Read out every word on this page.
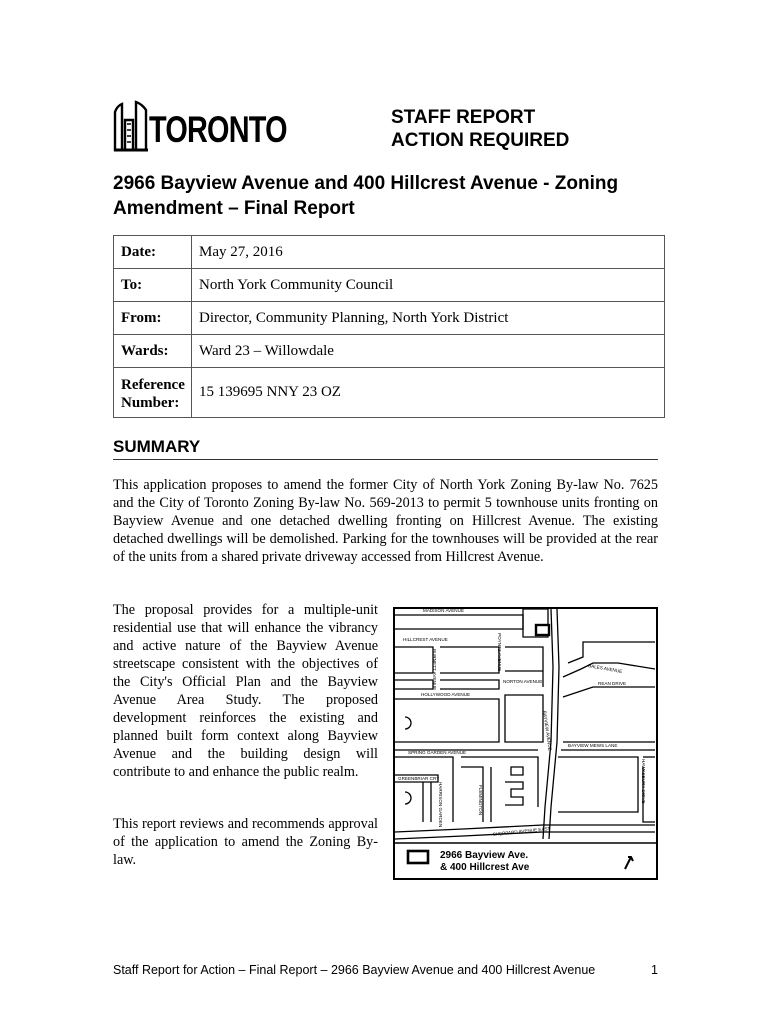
TORONTO	STAFF REPORT
ACTION REQUIRED
2966 Bayview Avenue and 400 Hillcrest Avenue - Zoning Amendment – Final Report
Date:	May 27, 2016
To:	North York Community Council
From:	Director, Community Planning, North York District
Wards:	Ward 23 – Willowdale

Reference
Number:	15 139695 NNY 23 OZ
SUMMARY
This application proposes to amend the former City of North York Zoning By-law No. 7625 and the City of Toronto Zoning By-law No. 569-2013 to permit 5 townhouse units fronting on Bayview Avenue and one detached dwelling fronting on Hillcrest Avenue. The existing detached dwellings will be demolished. Parking for the townhouses will be provided at the rear of the units from a shared private driveway accessed from Hillcrest Avenue.
The proposal provides for a multiple-unit residential use that will enhance the vibrancy and active nature of the Bayview Avenue streetscape consistent with the objectives of the City's Official Plan and the Bayview Avenue Area Study. The proposed development reinforces the existing and planned built form context along Bayview Avenue and the building design will contribute to and enhance the public realm.
This report reviews and recommends approval of the application to amend the Zoning By-law.
MADISON AVENUE
HILLCREST AVENUE
NORTON AVENUE
HOLLYWOOD AVENUE
SPRING GARDEN AVENUE
BAYVIEW MEWS LANE
SHEPPARD AVENUE EAST
BAYVIEW AVENUE
POYNTZ AVENUE
BURNETT AVENUE	BALES AVENUE
REAN DRIVE
GREENBRIAR CRT
FLEMINGTON
HARRISON GARDEN
HAWKSBURY DRIVE
2966 Bayview Ave.
& 400 Hillcrest Ave
Staff Report for Action – Final Report – 2966 Bayview Avenue and 400 Hillcrest Avenue	1
